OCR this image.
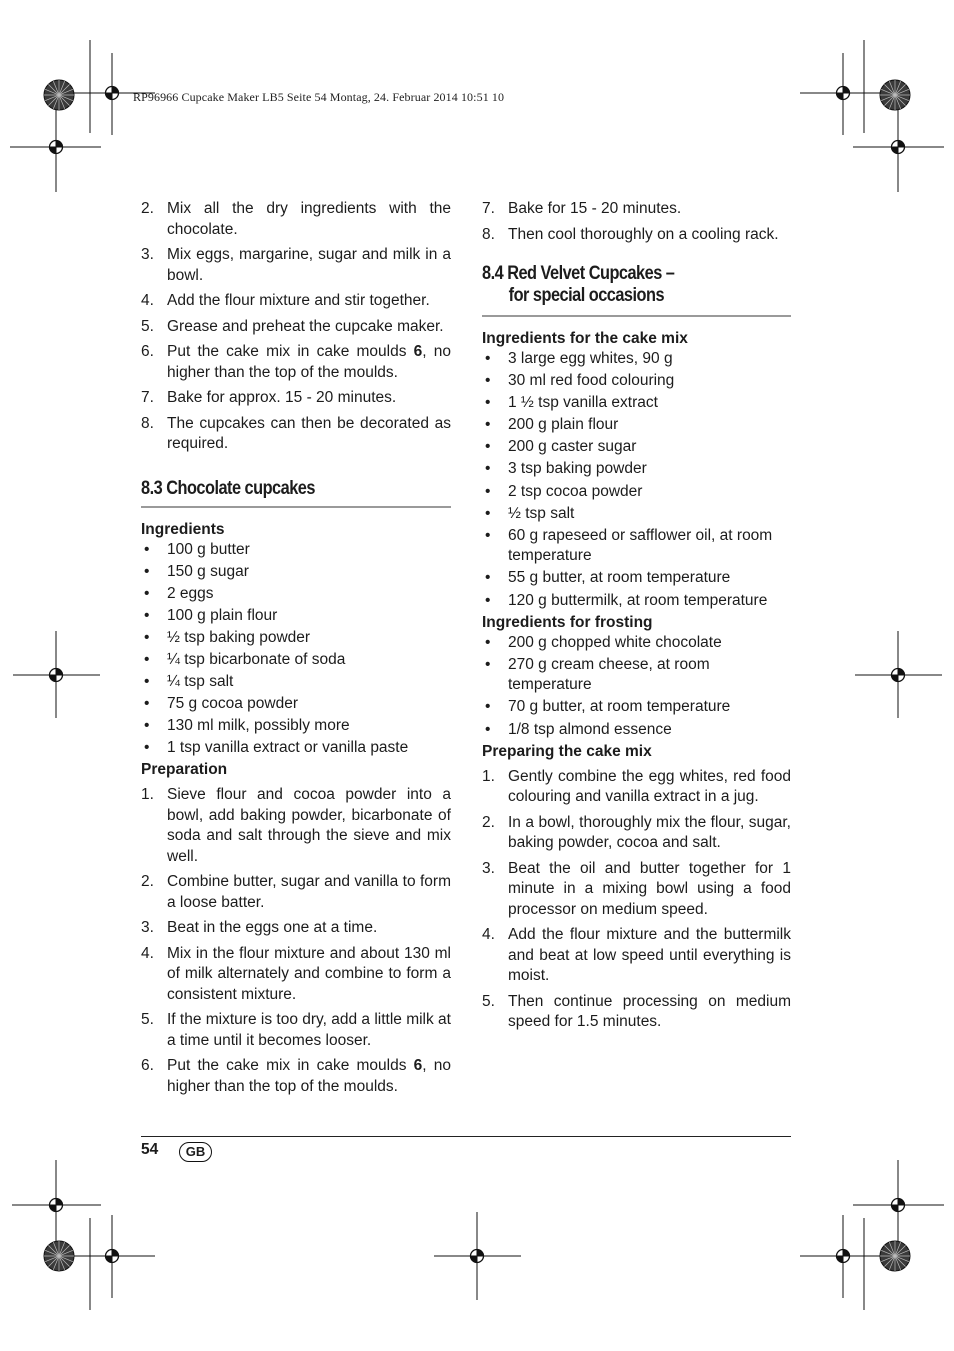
RP96966 Cupcake Maker LB5 Seite 54 Montag, 24. Februar 2014 10:51 10
2. Mix all the dry ingredients with the chocolate.
3. Mix eggs, margarine, sugar and milk in a bowl.
4. Add the flour mixture and stir together.
5. Grease and preheat the cupcake maker.
6. Put the cake mix in cake moulds 6, no higher than the top of the moulds.
7. Bake for approx. 15 - 20 minutes.
8. The cupcakes can then be decorated as required.
8.3 Chocolate cupcakes

Ingredients

• 100 g butter
• 150 g sugar
• 2 eggs
• 100 g plain flour
• ½ tsp baking powder
• ¼ tsp bicarbonate of soda
• ¼ tsp salt
• 75 g cocoa powder
• 130 ml milk, possibly more
• 1 tsp vanilla extract or vanilla paste

Preparation

1. Sieve flour and cocoa powder into a bowl, add baking powder, bicarbonate of soda and salt through the sieve and mix well.
2. Combine butter, sugar and vanilla to form a loose batter.
3. Beat in the eggs one at a time.
4. Mix in the flour mixture and about 130 ml of milk alternately and combine to form a consistent mixture.
5. If the mixture is too dry, add a little milk at a time until it becomes looser.
6. Put the cake mix in cake moulds 6, no higher than the top of the moulds.
7. Bake for 15 - 20 minutes.
8. Then cool thoroughly on a cooling rack.
8.4 Red Velvet Cupcakes –
for special occasions

Ingredients for the cake mix

• 3 large egg whites, 90 g
• 30 ml red food colouring
• 1 ½ tsp vanilla extract
• 200 g plain flour
• 200 g caster sugar
• 3 tsp baking powder
• 2 tsp cocoa powder
• ½ tsp salt
• 60 g rapeseed or safflower oil, at room temperature
• 55 g butter, at room temperature
• 120 g buttermilk, at room temperature

Ingredients for frosting

• 200 g chopped white chocolate
• 270 g cream cheese, at room temperature
• 70 g butter, at room temperature
• 1/8 tsp almond essence

Preparing the cake mix

1. Gently combine the egg whites, red food colouring and vanilla extract in a jug.
2. In a bowl, thoroughly mix the flour, sugar, baking powder, cocoa and salt.
3. Beat the oil and butter together for 1 minute in a mixing bowl using a food processor on medium speed.
4. Add the flour mixture and the buttermilk and beat at low speed until everything is moist.
5. Then continue processing on medium speed for 1.5 minutes.
54	GB
